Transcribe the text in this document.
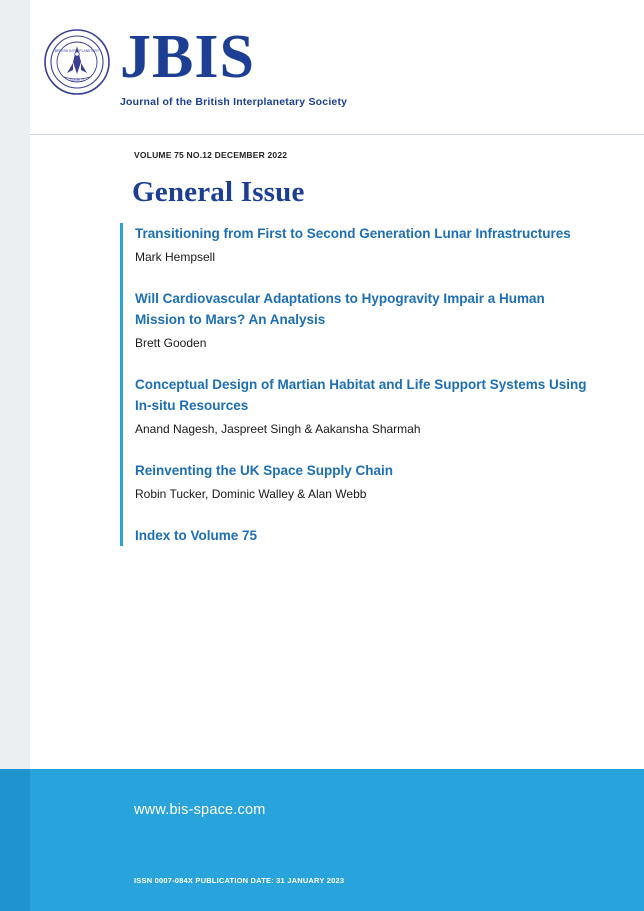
BRITISH INTERPLANETARY
SOCIETY JBIS
Journal of the British Interplanetary Society
VOLUME 75 NO.12 DECEMBER 2022
General Issue

Transitioning from First to Second Generation Lunar Infrastructures

Mark Hempsell

Will Cardiovascular Adaptations to Hypogravity Impair a Human Mission to Mars? An Analysis

Brett Gooden

Conceptual Design of Martian Habitat and Life Support Systems Using In-situ Resources

Anand Nagesh, Jaspreet Singh & Aakansha Sharmah

Reinventing the UK Space Supply Chain

Robin Tucker, Dominic Walley & Alan Webb

Index to Volume 75

www.bis-space.com
ISSN 0007-084X PUBLICATION DATE: 31 JANUARY 2023
